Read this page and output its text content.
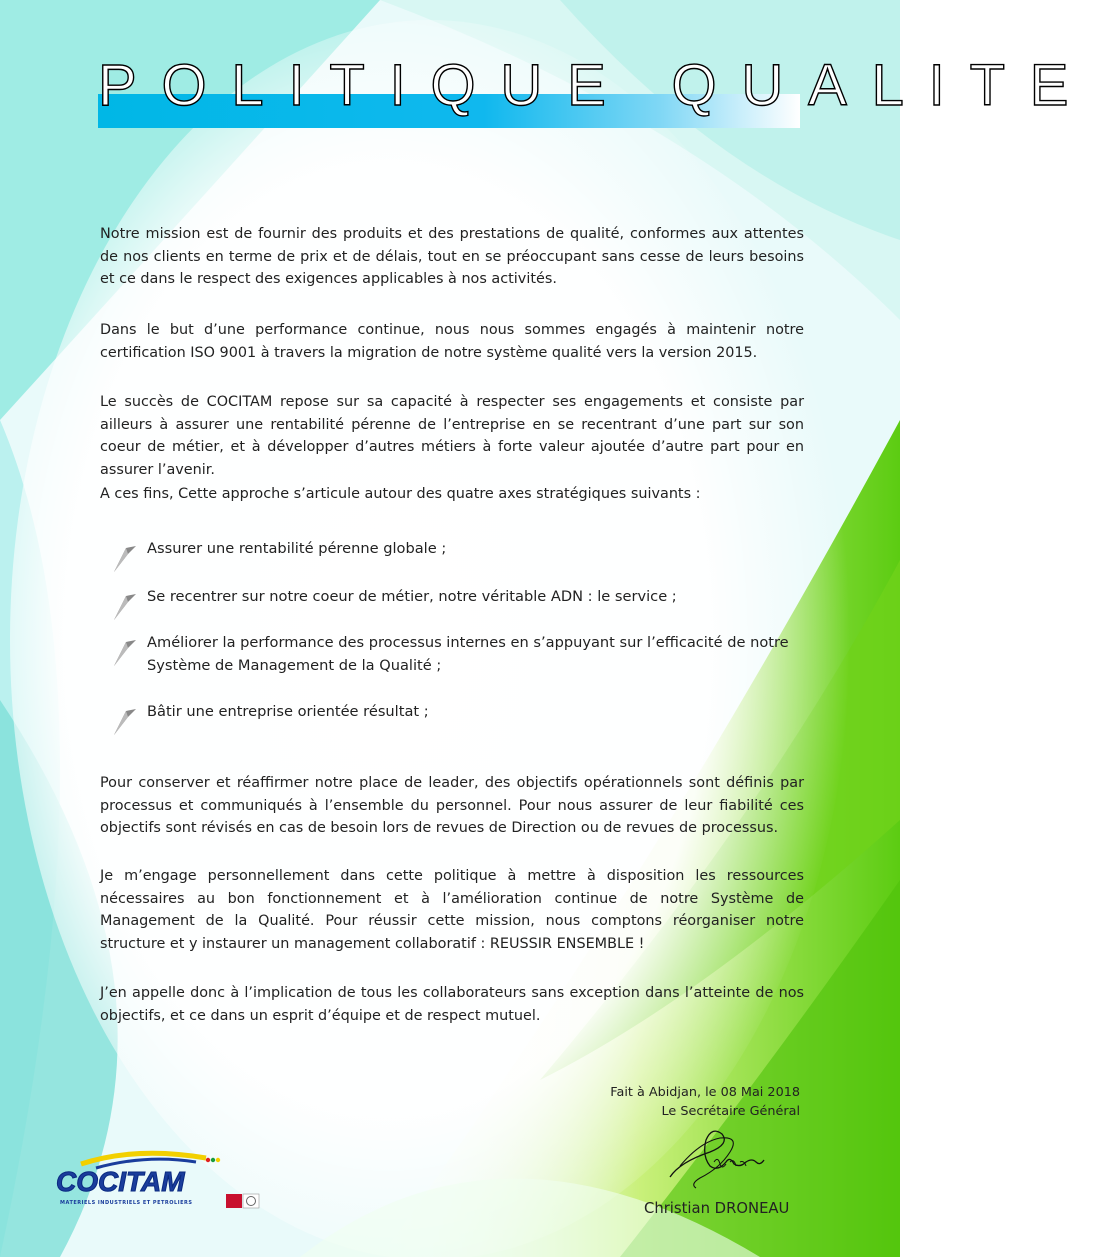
POLITIQUE QUALITE
Notre mission est de fournir des produits et des prestations de qualité, conformes aux attentes de nos clients en terme de prix et de délais, tout en se préoccupant sans cesse de leurs besoins et ce dans le respect des exigences applicables à nos activités.
Dans le but d’une performance continue, nous nous sommes engagés à maintenir notre certification ISO 9001 à travers la migration de notre système qualité vers la version 2015.
Le succès de COCITAM repose sur sa capacité à respecter ses engagements et consiste par ailleurs à assurer une rentabilité pérenne de l’entreprise en se recentrant d’une part sur son coeur de métier, et à développer d’autres métiers à forte valeur ajoutée d’autre part pour en assurer l’avenir.
A ces fins, Cette approche s’articule autour des quatre axes stratégiques suivants :
Assurer une rentabilité pérenne globale ;
Se recentrer sur notre coeur de métier, notre véritable ADN : le service ;
Améliorer la performance des processus internes en s’appuyant sur l’efficacité de notre Système de Management de la Qualité ;
Bâtir une entreprise orientée résultat ;
Pour conserver et réaffirmer notre place de leader, des objectifs opérationnels sont définis par processus et communiqués à l’ensemble du personnel. Pour nous assurer de leur fiabilité ces objectifs sont révisés en cas de besoin lors de revues de Direction ou de revues de processus.
Je m’engage personnellement dans cette politique à mettre à disposition les ressources nécessaires au bon fonctionnement et à l’amélioration continue de notre Système de Management de la Qualité. Pour réussir cette mission, nous comptons réorganiser notre structure et y instaurer un management collaboratif : REUSSIR ENSEMBLE !
J’en appelle donc à l’implication de tous les collaborateurs sans exception dans l’atteinte de nos objectifs, et ce dans un esprit d’équipe et de respect mutuel.
Fait à Abidjan, le 08 Mai 2018
Le Secrétaire Général
Christian DRONEAU
COCITAM
MATERIELS INDUSTRIELS ET PETROLIERS
